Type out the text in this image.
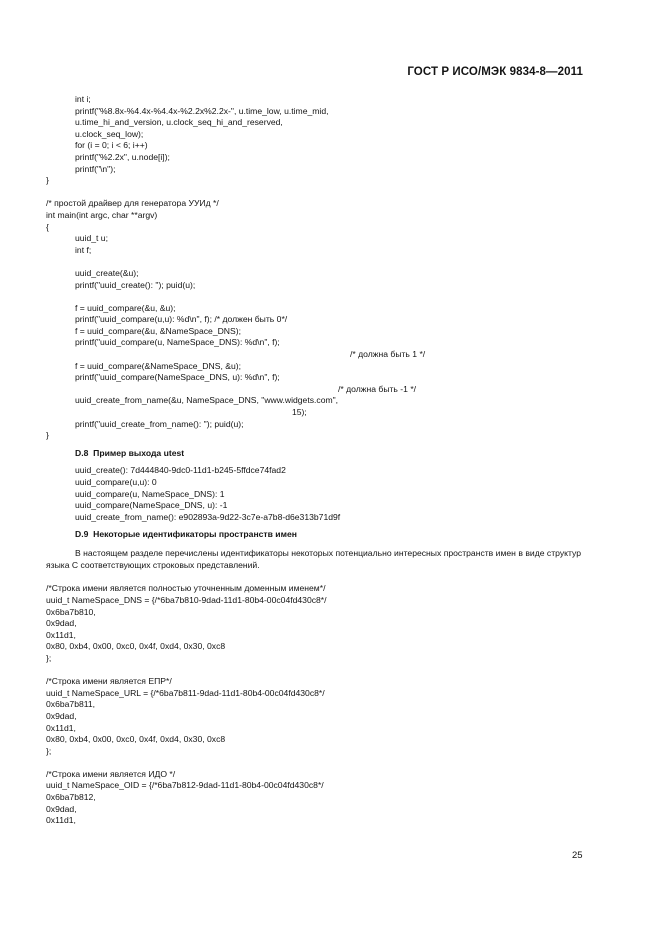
ГОСТ Р ИСО/МЭК 9834-8—2011
int i;
printf("%8.8x-%4.4x-%4.4x-%2.2x%2.2x-", u.time_low, u.time_mid,
u.time_hi_and_version, u.clock_seq_hi_and_reserved,
u.clock_seq_low);
for (i = 0; i < 6; i++)
printf("%2.2x", u.node[i]);
printf("\n");
}
/* простой драйвер для генератора УУИд */
int main(int argc, char **argv)
{
uuid_t u;
int f;
uuid_create(&u);
printf("uuid_create(): "); puid(u);
f = uuid_compare(&u, &u);
printf("uuid_compare(u,u): %d\n", f); /* должен быть 0*/
f = uuid_compare(&u, &NameSpace_DNS);
printf("uuid_compare(u, NameSpace_DNS): %d\n", f);
/* должна быть 1 */
f = uuid_compare(&NameSpace_DNS, &u);
printf("uuid_compare(NameSpace_DNS, u): %d\n", f);
/* должна быть -1 */
uuid_create_from_name(&u, NameSpace_DNS, "www.widgets.com",
15);
printf("uuid_create_from_name(): "); puid(u);
}
D.8  Пример выхода utest
uuid_create(): 7d444840-9dc0-11d1-b245-5ffdce74fad2
uuid_compare(u,u): 0
uuid_compare(u, NameSpace_DNS): 1
uuid_compare(NameSpace_DNS, u): -1
uuid_create_from_name(): e902893a-9d22-3c7e-a7b8-d6e313b71d9f
D.9  Некоторые идентификаторы пространств имен
В настоящем разделе перечислены идентификаторы некоторых потенциально интересных пространств имен в виде структур языка С соответствующих строковых представлений.
/*Строка имени является полностью уточненным доменным именем*/
uuid_t NameSpace_DNS = {/*6ba7b810-9dad-11d1-80b4-00c04fd430c8*/
0x6ba7b810,
0x9dad,
0x11d1,
0x80, 0xb4, 0x00, 0xc0, 0x4f, 0xd4, 0x30, 0xc8
};
/*Строка имени является ЕПР*/
uuid_t NameSpace_URL = {/*6ba7b811-9dad-11d1-80b4-00c04fd430c8*/
0x6ba7b811,
0x9dad,
0x11d1,
0x80, 0xb4, 0x00, 0xc0, 0x4f, 0xd4, 0x30, 0xc8
};
/*Строка имени является ИДО */
uuid_t NameSpace_OID = {/*6ba7b812-9dad-11d1-80b4-00c04fd430c8*/
0x6ba7b812,
0x9dad,
0x11d1,
25
